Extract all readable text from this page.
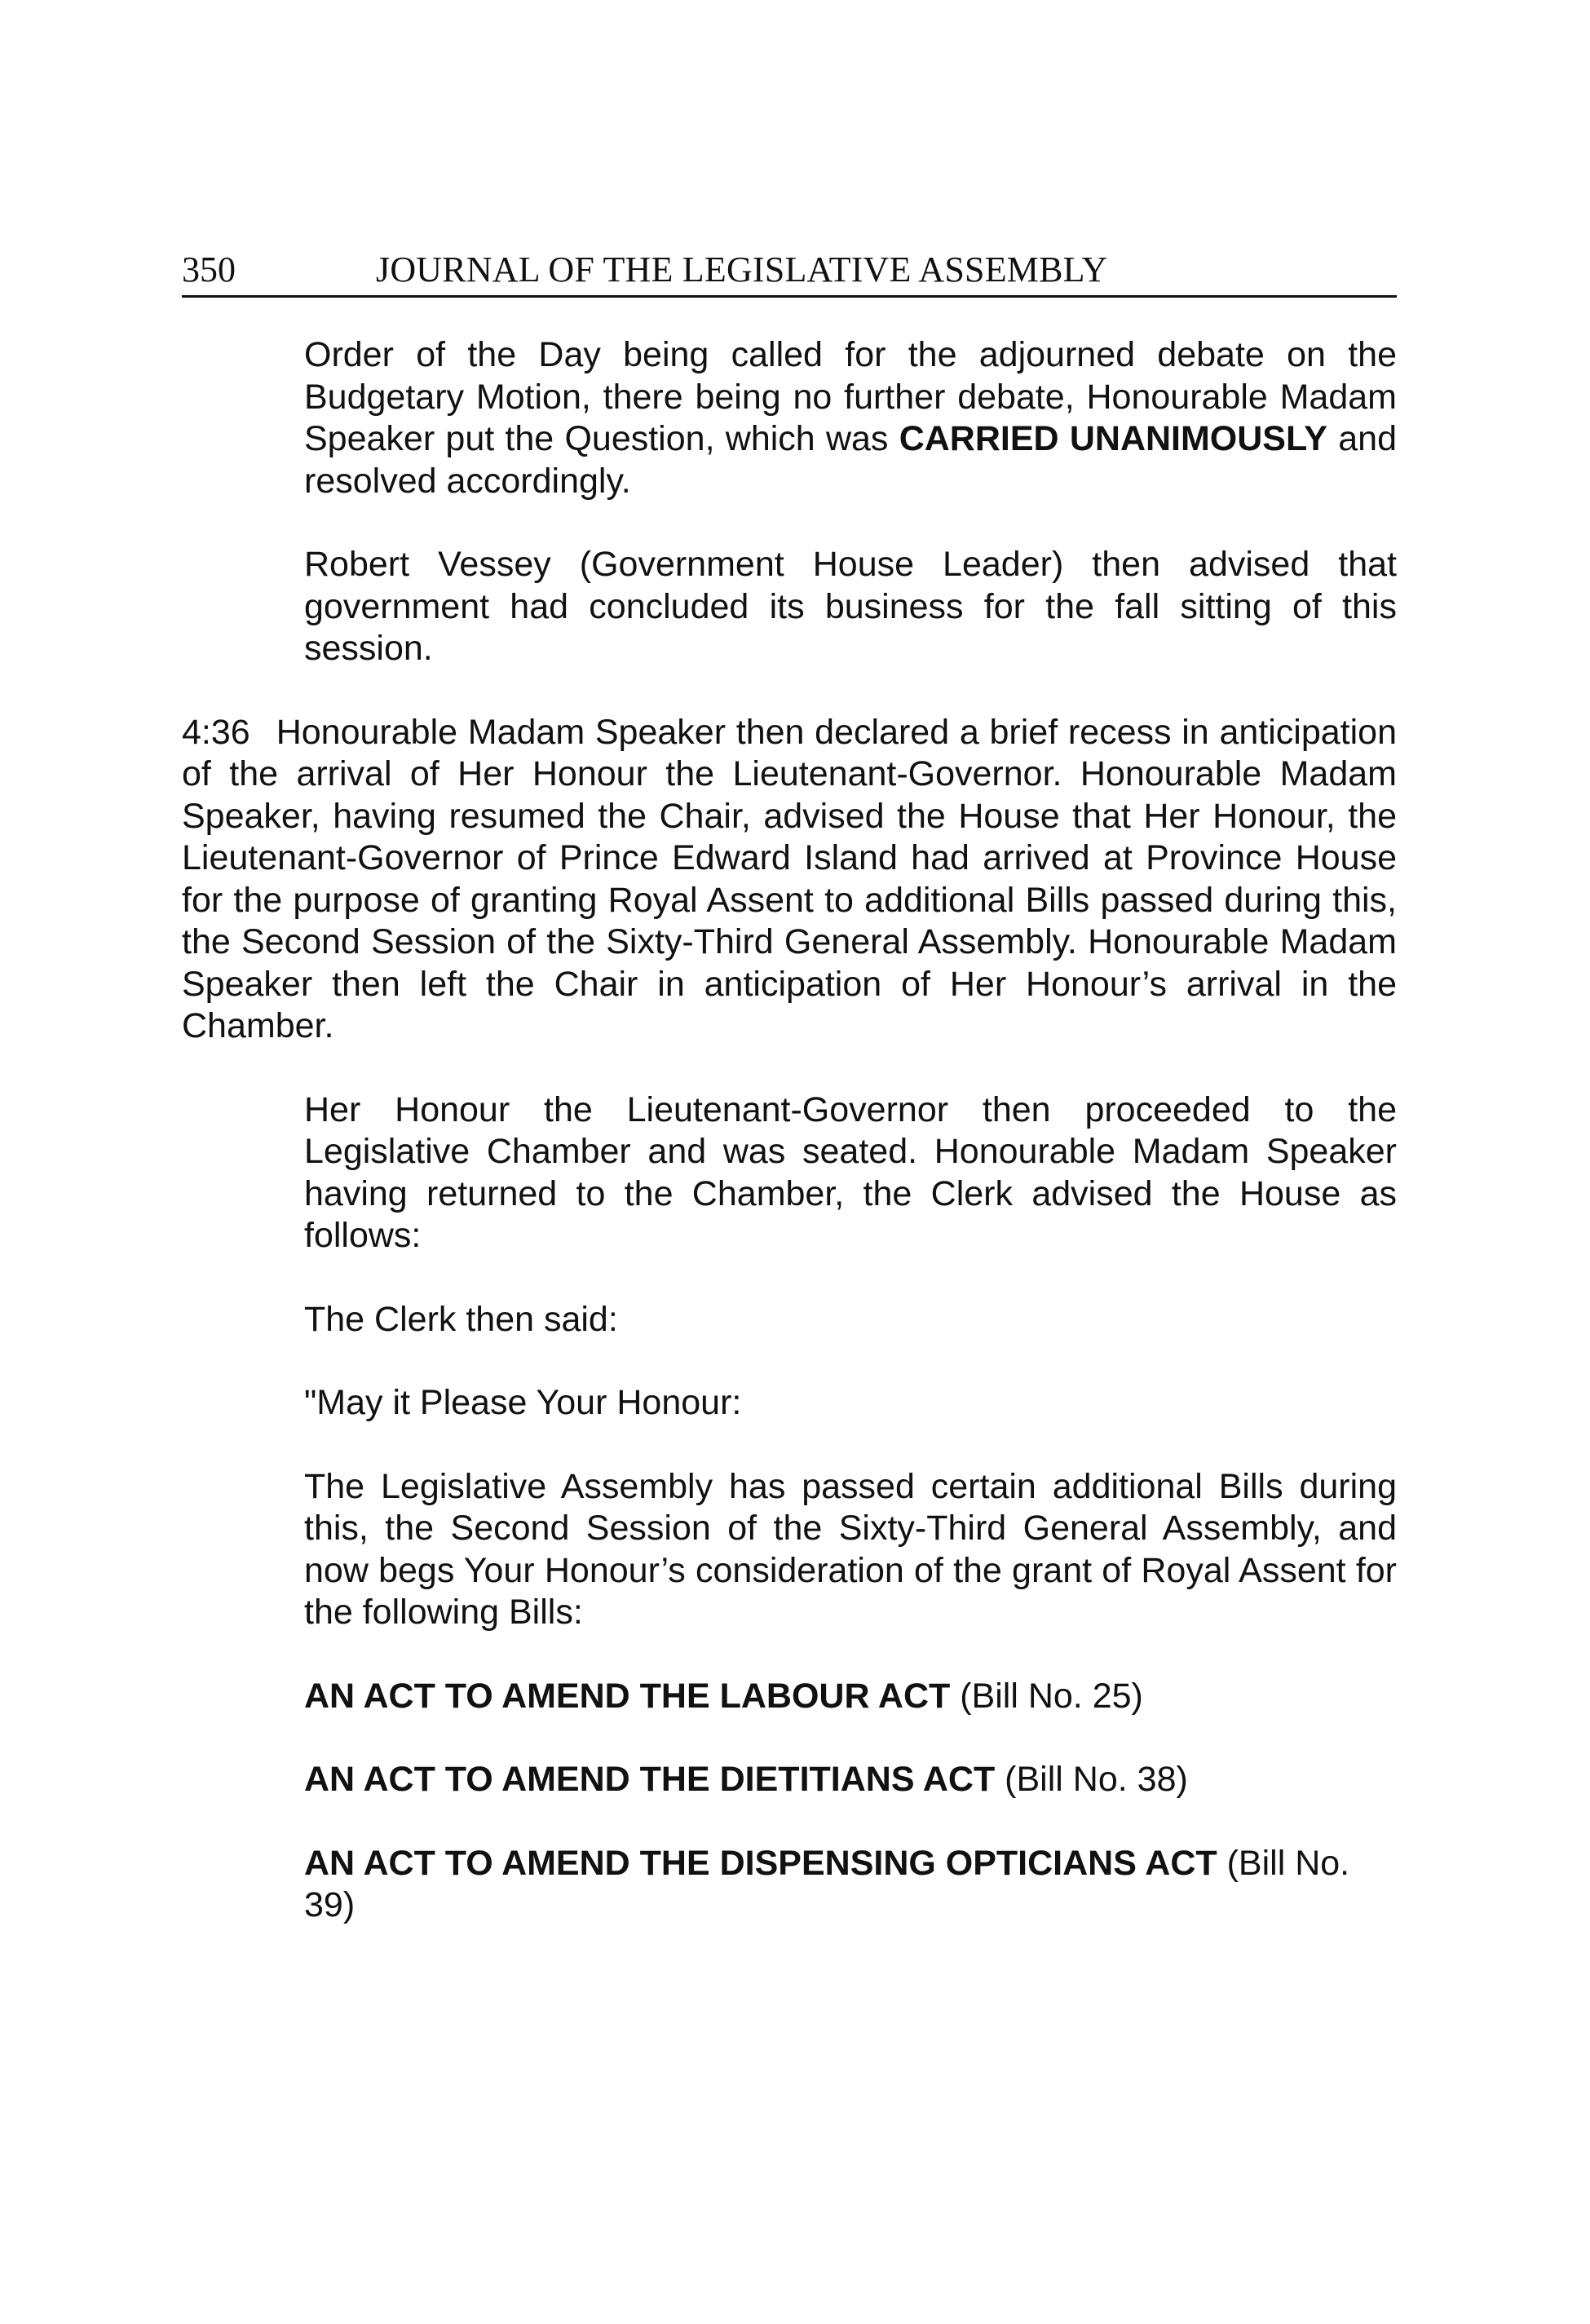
350	JOURNAL OF THE LEGISLATIVE ASSEMBLY

Order of the Day being called for the adjourned debate on the Budgetary Motion, there being no further debate, Honourable Madam Speaker put the Question, which was CARRIED UNANIMOUSLY and resolved accordingly.

Robert Vessey (Government House Leader) then advised that government had concluded its business for the fall sitting of this session.

4:36 Honourable Madam Speaker then declared a brief recess in anticipation of the arrival of Her Honour the Lieutenant-Governor. Honourable Madam Speaker, having resumed the Chair, advised the House that Her Honour, the Lieutenant-Governor of Prince Edward Island had arrived at Province House for the purpose of granting Royal Assent to additional Bills passed during this, the Second Session of the Sixty-Third General Assembly. Honourable Madam Speaker then left the Chair in anticipation of Her Honour’s arrival in the Chamber.

Her Honour the Lieutenant-Governor then proceeded to the Legislative Chamber and was seated. Honourable Madam Speaker having returned to the Chamber, the Clerk advised the House as follows:

The Clerk then said:

"May it Please Your Honour:

The Legislative Assembly has passed certain additional Bills during this, the Second Session of the Sixty-Third General Assembly, and now begs Your Honour’s consideration of the grant of Royal Assent for the following Bills:

AN ACT TO AMEND THE LABOUR ACT (Bill No. 25)

AN ACT TO AMEND THE DIETITIANS ACT (Bill No. 38)

AN ACT TO AMEND THE DISPENSING OPTICIANS ACT (Bill No. 39)
